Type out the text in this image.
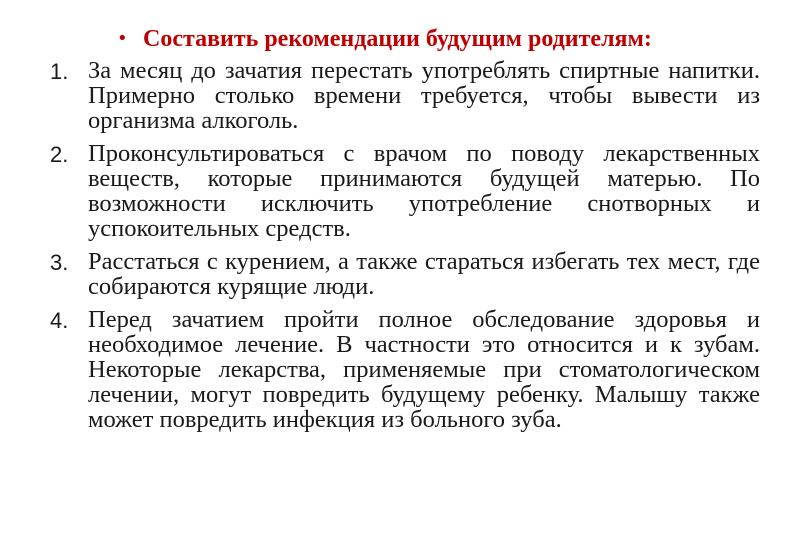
• Составить рекомендации будущим родителям:
1. За месяц до зачатия перестать употреблять спиртные напитки. Примерно столько времени требуется, чтобы вывести из организма алкоголь.
2. Проконсультироваться с врачом по поводу лекарственных веществ, которые принимаются будущей матерью. По возможности исключить употребление снотворных и успокоительных средств.
3. Расстаться с курением, а также стараться избегать тех мест, где собираются курящие люди.
4. Перед зачатием пройти полное обследование здоровья и необходимое лечение. В частности это относится и к зубам. Некоторые лекарства, применяемые при стоматологическом лечении, могут повредить будущему ребенку. Малышу также может повредить инфекция из больного зуба.
